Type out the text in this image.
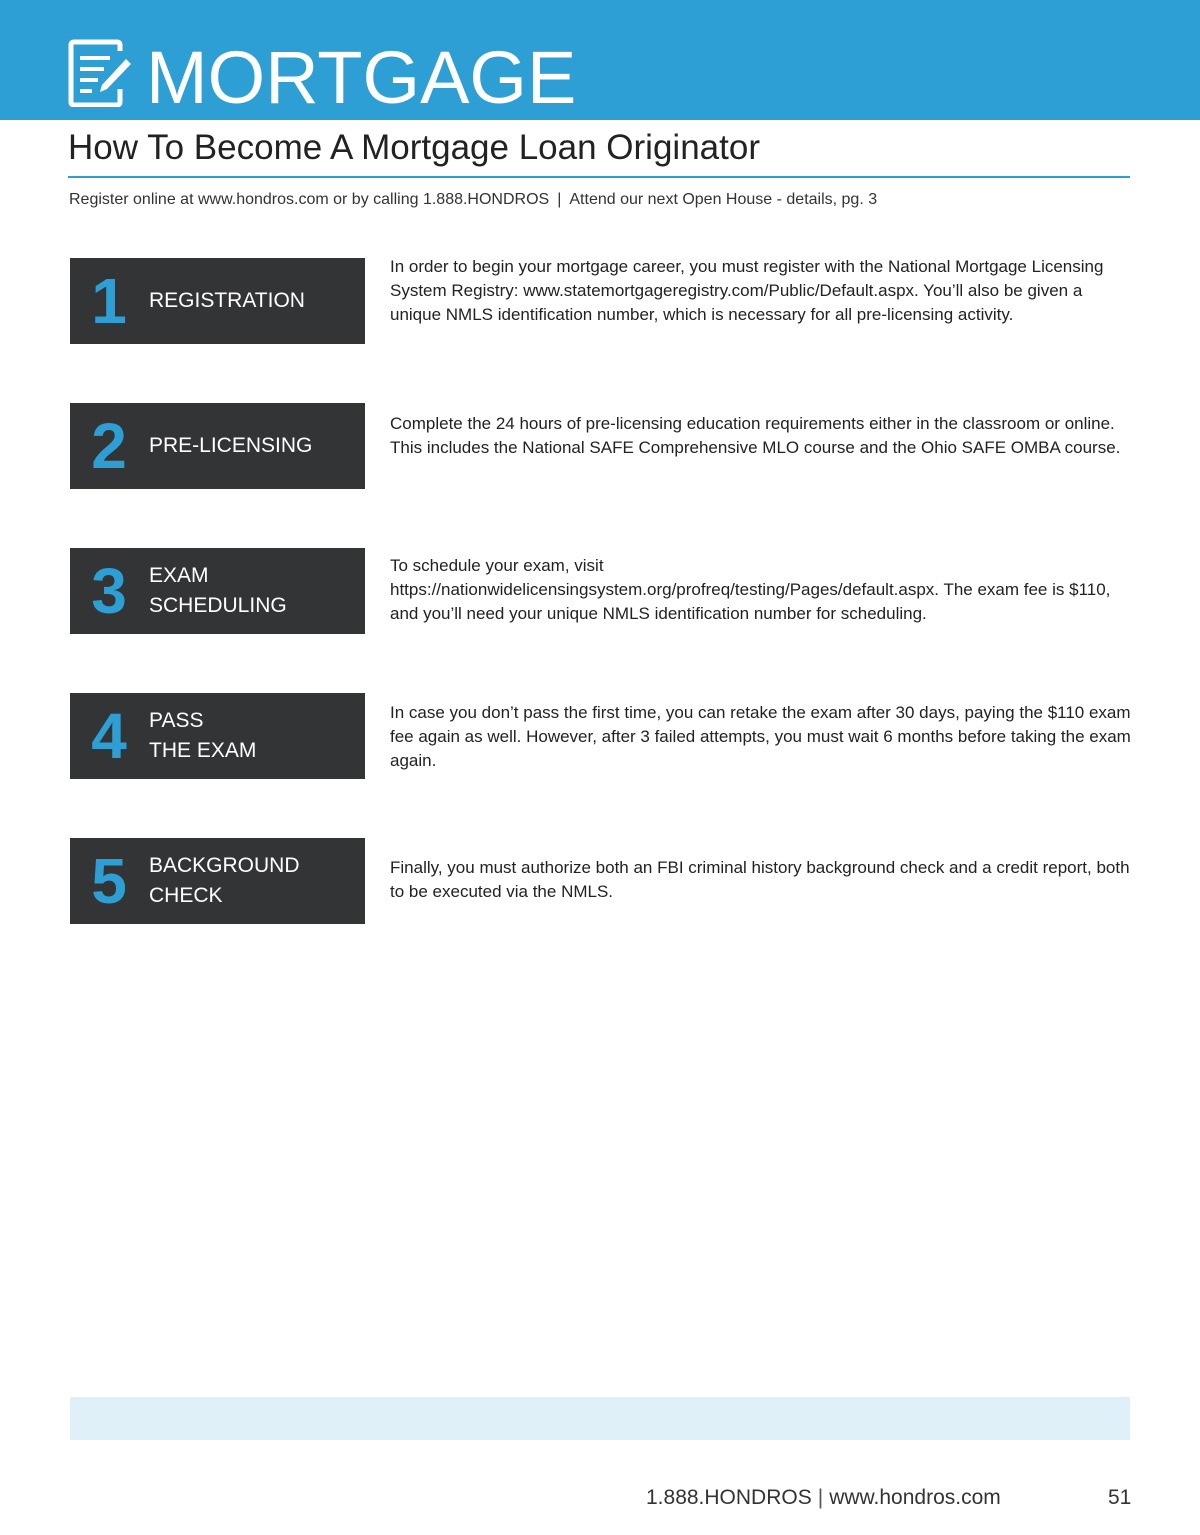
MORTGAGE
How To Become A Mortgage Loan Originator
Register online at www.hondros.com or by calling 1.888.HONDROS | Attend our next Open House - details, pg. 3
1	REGISTRATION
In order to begin your mortgage career, you must register with the National Mortgage Licensing System Registry: www.statemortgageregistry.com/Public/Default.aspx. You’ll also be given a unique NMLS identification number, which is necessary for all pre-licensing activity.
2	PRE-LICENSING
Complete the 24 hours of pre-licensing education requirements either in the classroom or online. This includes the National SAFE Comprehensive MLO course and the Ohio SAFE OMBA course.
3	EXAM
SCHEDULING
To schedule your exam, visit https://nationwidelicensingsystem.org/profreq/testing/Pages/default.aspx. The exam fee is $110, and you’ll need your unique NMLS identification number for scheduling.
4	PASS
THE EXAM
In case you don’t pass the first time, you can retake the exam after 30 days, paying the $110 exam fee again as well. However, after 3 failed attempts, you must wait 6 months before taking the exam again.
5	BACKGROUND
CHECK
Finally, you must authorize both an FBI criminal history background check and a credit report, both to be executed via the NMLS.
1.888.HONDROS | www.hondros.com	51
